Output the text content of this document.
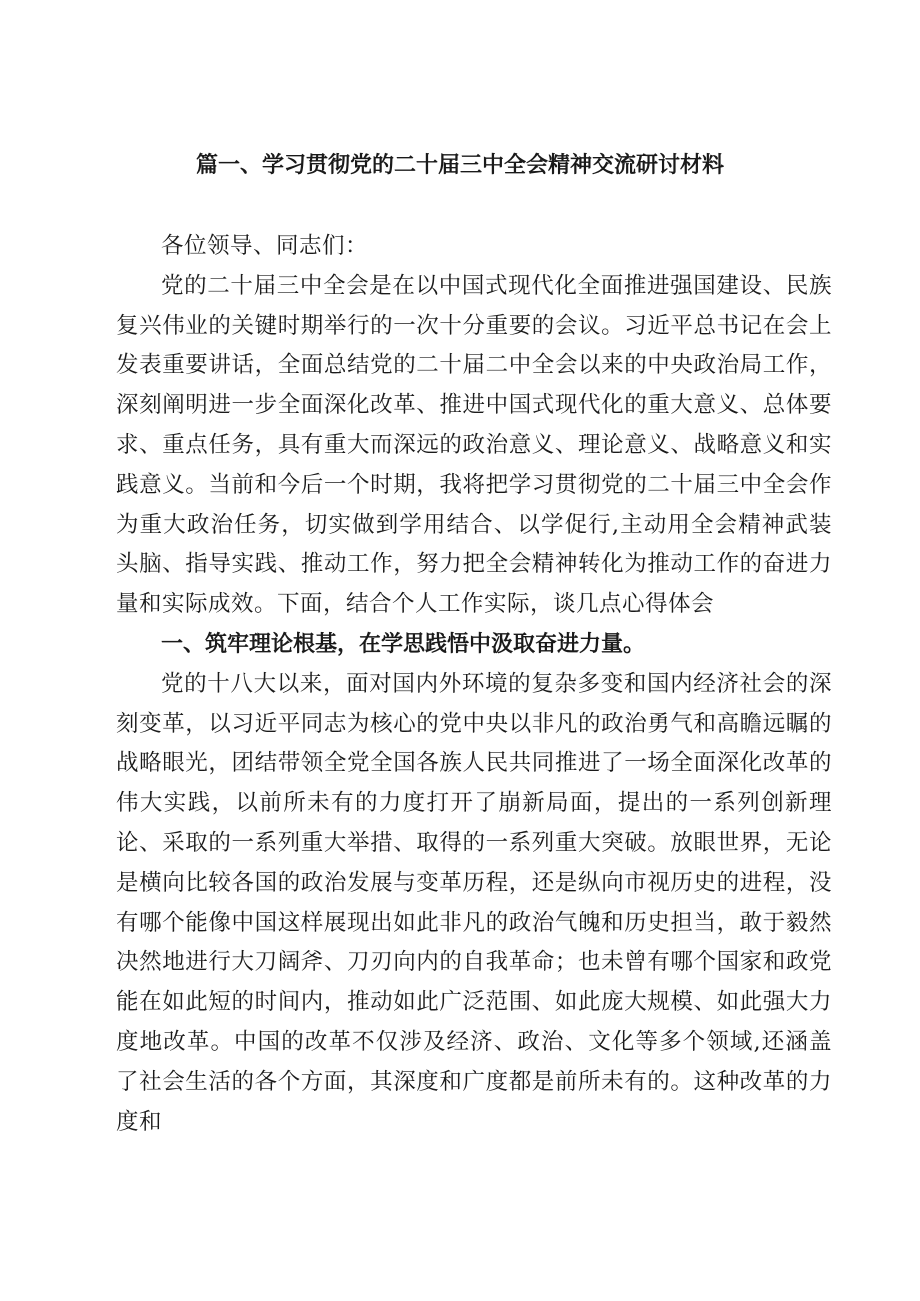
篇一、学习贯彻党的二十届三中全会精神交流研讨材料

各位领导、同志们：

党的二十届三中全会是在以中国式现代化全面推进强国建设、民族复兴伟业的关键时期举行的一次十分重要的会议。习近平总书记在会上发表重要讲话，全面总结党的二十届二中全会以来的中央政治局工作，深刻阐明进一步全面深化改革、推进中国式现代化的重大意义、总体要求、重点任务，具有重大而深远的政治意义、理论意义、战略意义和实践意义。当前和今后一个时期，我将把学习贯彻党的二十届三中全会作为重大政治任务，切实做到学用结合、以学促行,主动用全会精神武装头脑、指导实践、推动工作，努力把全会精神转化为推动工作的奋进力量和实际成效。下面，结合个人工作实际，谈几点心得体会

一、筑牢理论根基，在学思践悟中汲取奋进力量。

党的十八大以来，面对国内外环境的复杂多变和国内经济社会的深刻变革，以习近平同志为核心的党中央以非凡的政治勇气和高瞻远瞩的战略眼光，团结带领全党全国各族人民共同推进了一场全面深化改革的伟大实践，以前所未有的力度打开了崩新局面，提出的一系列创新理论、采取的一系列重大举措、取得的一系列重大突破。放眼世界，无论是横向比较各国的政治发展与变革历程，还是纵向市视历史的进程，没有哪个能像中国这样展现出如此非凡的政治气魄和历史担当，敢于毅然决然地进行大刀阔斧、刀刃向内的自我革命；也未曾有哪个国家和政党能在如此短的时间内，推动如此广泛范围、如此庞大规模、如此强大力度地改革。中国的改革不仅涉及经济、政治、文化等多个领域,还涵盖了社会生活的各个方面，其深度和广度都是前所未有的。这种改革的力度和
